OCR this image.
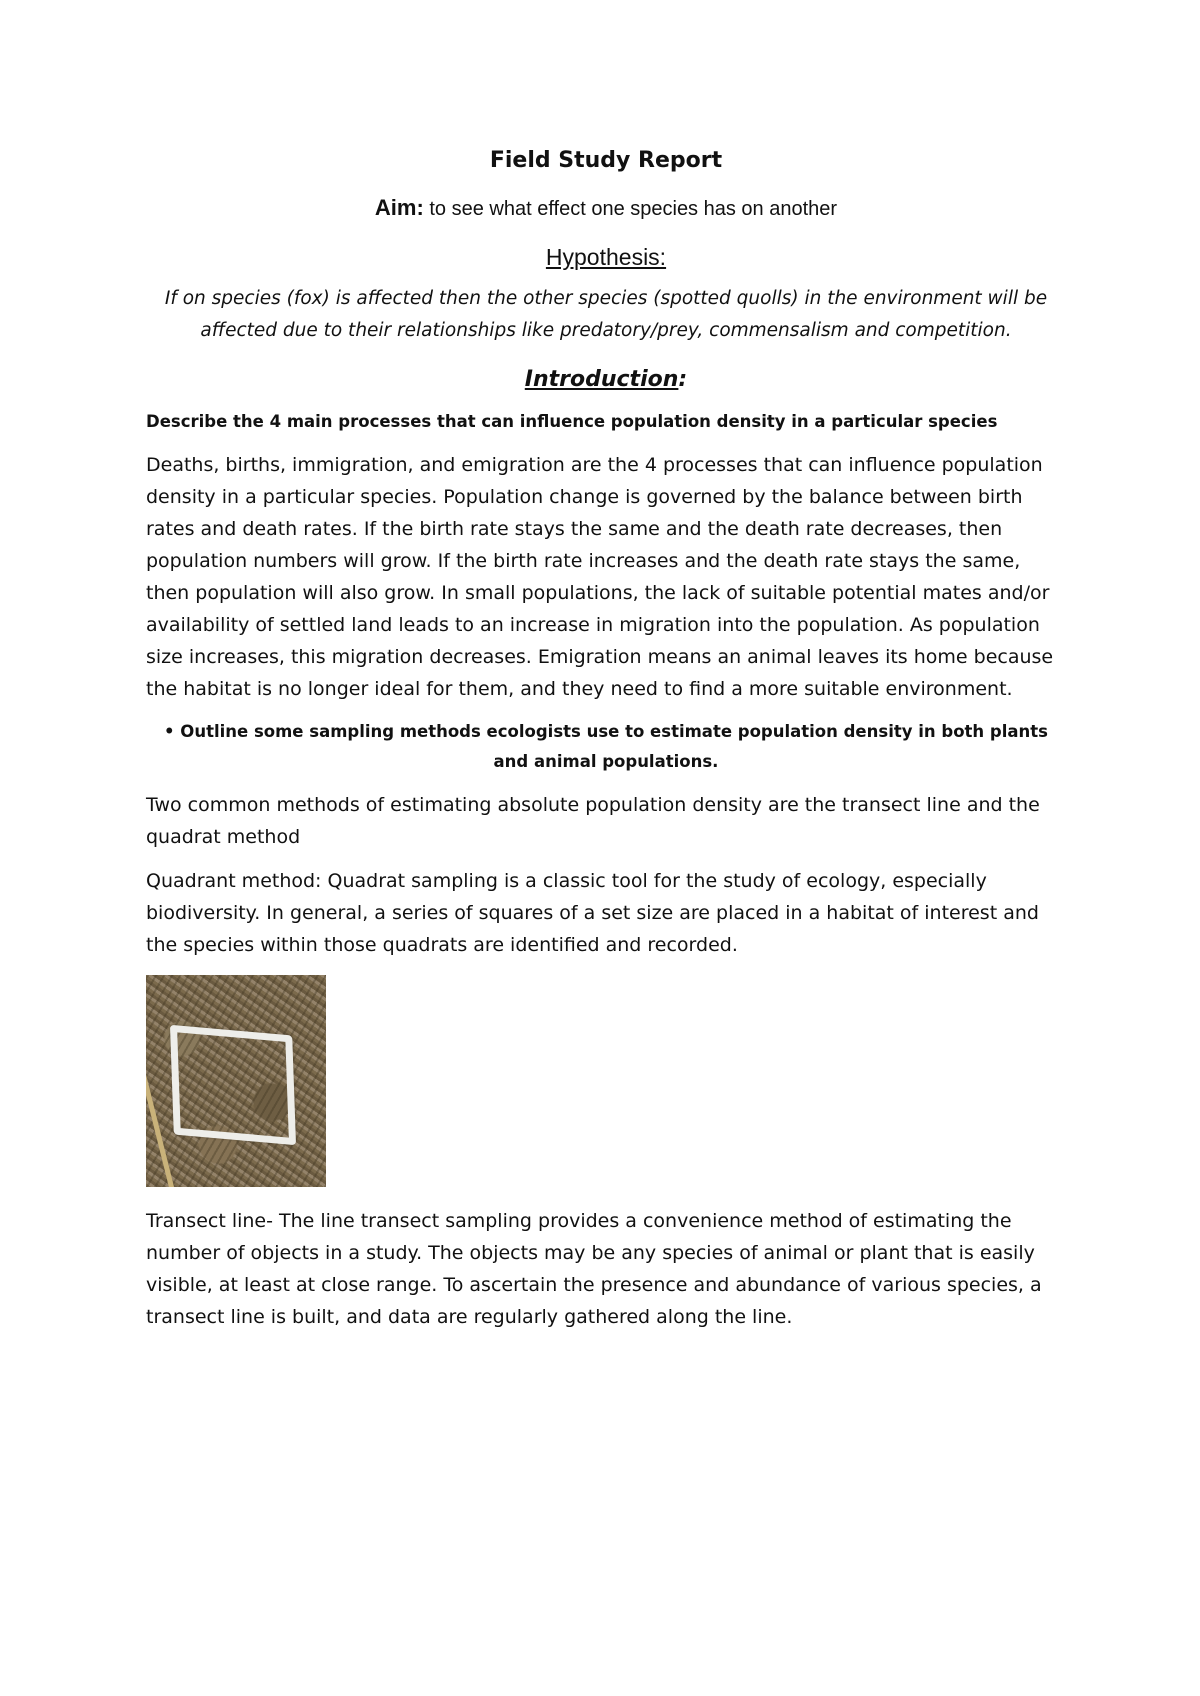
Field Study Report
Aim: to see what effect one species has on another
Hypothesis:
If on species (fox) is affected then the other species (spotted quolls) in the environment will be affected due to their relationships like predatory/prey, commensalism and competition.
Introduction:
Describe the 4 main processes that can influence population density in a particular species
Deaths, births, immigration, and emigration are the 4 processes that can influence population density in a particular species. Population change is governed by the balance between birth rates and death rates. If the birth rate stays the same and the death rate decreases, then population numbers will grow. If the birth rate increases and the death rate stays the same, then population will also grow. In small populations, the lack of suitable potential mates and/or availability of settled land leads to an increase in migration into the population. As population size increases, this migration decreases. Emigration means an animal leaves its home because the habitat is no longer ideal for them, and they need to find a more suitable environment.
• Outline some sampling methods ecologists use to estimate population density in both plants and animal populations.
Two common methods of estimating absolute population density are the transect line and the quadrat method
Quadrant method: Quadrat sampling is a classic tool for the study of ecology, especially biodiversity. In general, a series of squares of a set size are placed in a habitat of interest and the species within those quadrats are identified and recorded.
Transect line- The line transect sampling provides a convenience method of estimating the number of objects in a study. The objects may be any species of animal or plant that is easily visible, at least at close range. To ascertain the presence and abundance of various species, a transect line is built, and data are regularly gathered along the line.
